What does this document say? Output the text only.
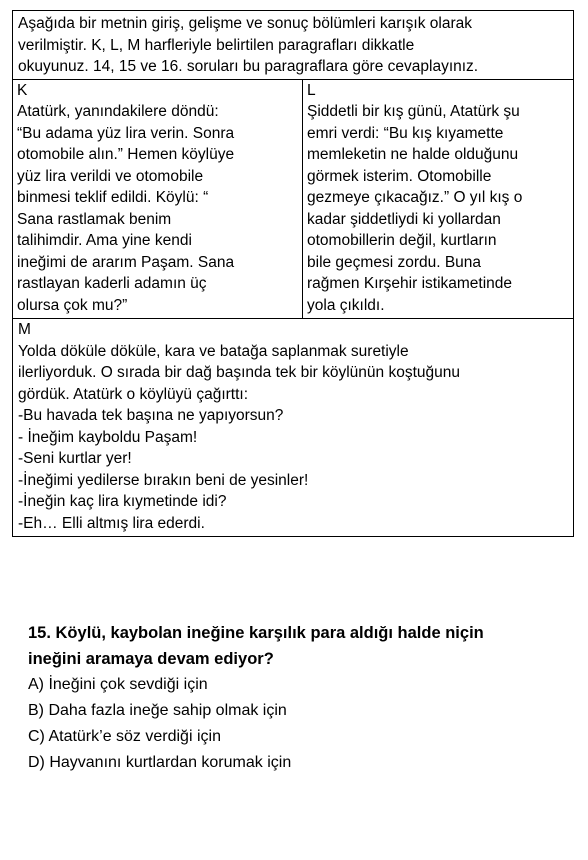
Aşağıda bir metnin giriş, gelişme ve sonuç bölümleri karışık olarak
verilmiştir. K, L, M harfleriyle belirtilen paragrafları dikkatle
okuyunuz. 14, 15 ve 16. soruları bu paragraflara göre cevaplayınız.
K
Atatürk, yanındakilere döndü:
“Bu adama yüz lira verin. Sonra
otomobile alın.” Hemen köylüye
yüz lira verildi ve otomobile
binmesi teklif edildi. Köylü: “
Sana rastlamak benim
talihimdir. Ama yine kendi
ineğimi de ararım Paşam. Sana
rastlayan kaderli adamın üç
olursa çok mu?”
L
Şiddetli bir kış günü, Atatürk şu
emri verdi: “Bu kış kıyamette
memleketin ne halde olduğunu
görmek isterim. Otomobille
gezmeye çıkacağız.” O yıl kış o
kadar şiddetliydi ki yollardan
otomobillerin değil, kurtların
bile geçmesi zordu. Buna
rağmen Kırşehir istikametinde
yola çıkıldı.
M
Yolda döküle döküle, kara ve batağa saplanmak suretiyle
ilerliyorduk. O sırada bir dağ başında tek bir köylünün koştuğunu
gördük. Atatürk o köylüyü çağırttı:
-Bu havada tek başına ne yapıyorsun?
- İneğim kayboldu Paşam!
-Seni kurtlar yer!
-İneğimi yedilerse bırakın beni de yesinler!
-İneğin kaç lira kıymetinde idi?
-Eh… Elli altmış lira ederdi.
15. Köylü, kaybolan ineğine karşılık para aldığı halde niçin
ineğini aramaya devam ediyor?
A) İneğini çok sevdiği için
B) Daha fazla ineğe sahip olmak için
C) Atatürk’e söz verdiği için
D) Hayvanını kurtlardan korumak için
